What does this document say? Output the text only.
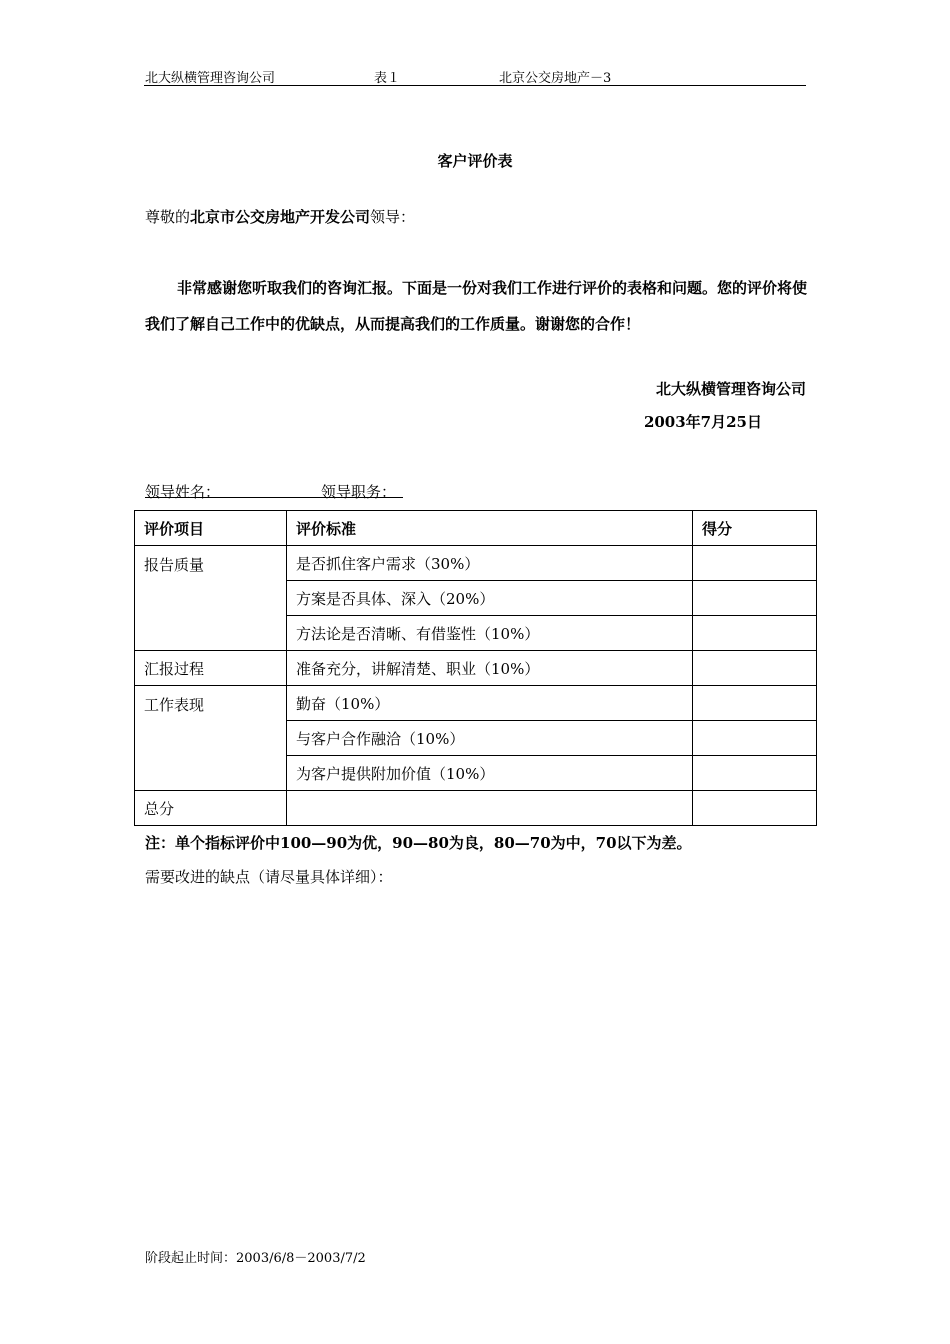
北大纵横管理咨询公司	表１	北京公交房地产－3
客户评价表
尊敬的北京市公交房地产开发公司领导：
非常感谢您听取我们的咨询汇报。下面是一份对我们工作进行评价的表格和问题。您的评价将使我们了解自己工作中的优缺点，从而提高我们的工作质量。谢谢您的合作！
北大纵横管理咨询公司
2003年7月25日
领导姓名：	领导职务：
评价项目	评价标准	得分
报告质量	是否抓住客户需求（30%）	
	方案是否具体、深入（20%）	
	方法论是否清晰、有借鉴性（10%）	
汇报过程	准备充分，讲解清楚、职业（10%）	
工作表现	勤奋（10%）	
	与客户合作融洽（10%）	
	为客户提供附加价值（10%）	
总分		
注：单个指标评价中100—90为优，90—80为良，80—70为中，70以下为差。
需要改进的缺点（请尽量具体详细）：
阶段起止时间：2003/6/8－2003/7/2
